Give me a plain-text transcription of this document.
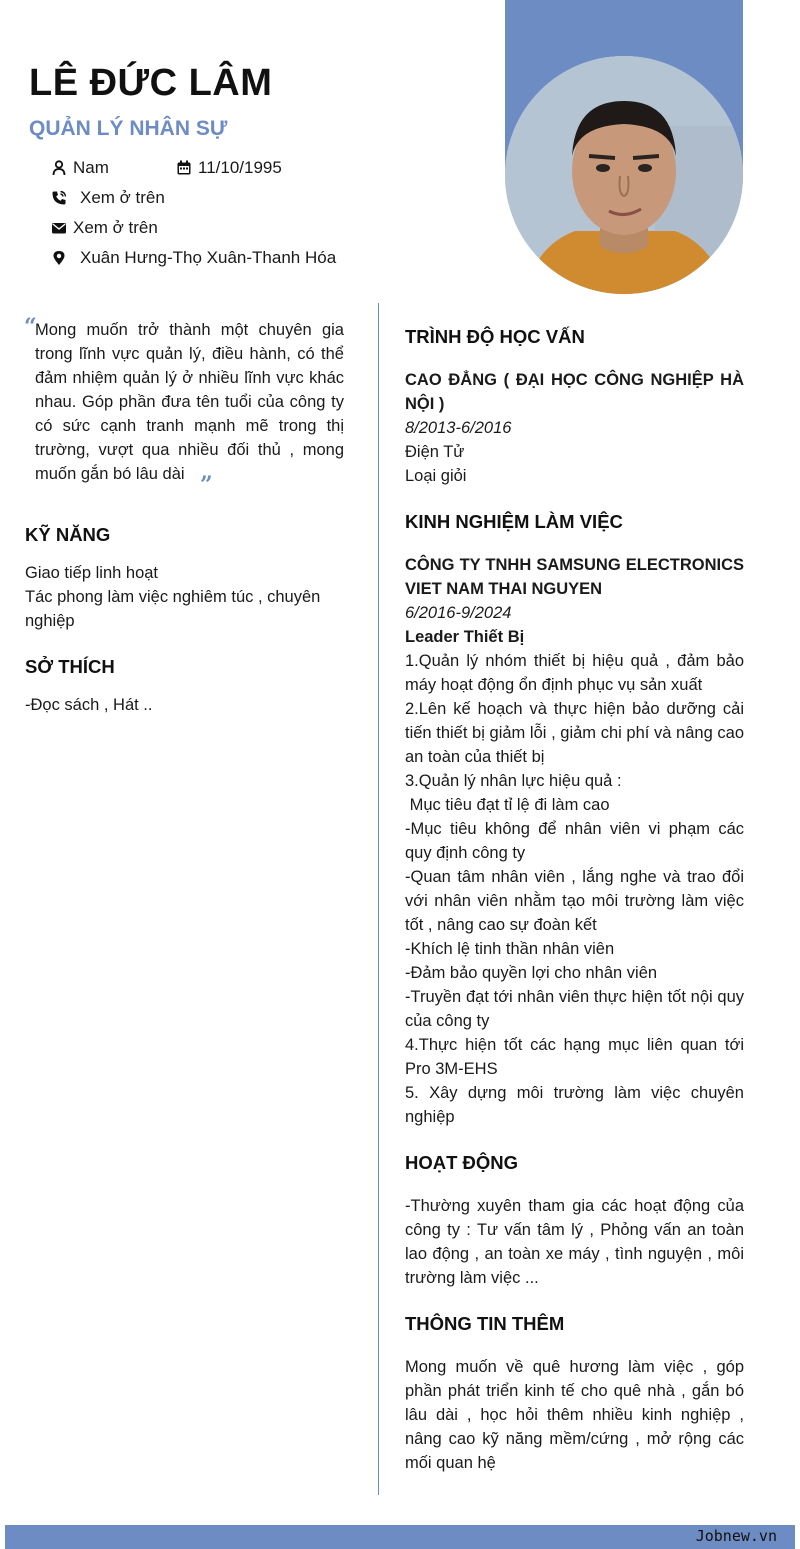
LÊ ĐỨC LÂM
QUẢN LÝ NHÂN SỰ
Nam	11/10/1995
Xem ở trên
Xem ở trên
Xuân Hưng-Thọ Xuân-Thanh Hóa
“

Mong muốn trở thành một chuyên gia trong lĩnh vực quản lý, điều hành, có thể đảm nhiệm quản lý ở nhiều lĩnh vực khác nhau. Góp phần đưa tên tuổi của công ty có sức cạnh tranh mạnh mẽ trong thị trường, vượt qua nhiều đối thủ , mong muốn gắn bó lâu dài ”
KỸ NĂNG
Giao tiếp linh hoạt
Tác phong làm việc nghiêm túc , chuyên nghiệp
SỞ THÍCH
-Đọc sách , Hát ..
TRÌNH ĐỘ HỌC VẤN
CAO ĐẲNG ( ĐẠI HỌC CÔNG NGHIỆP HÀ NỘI )
8/2013-6/2016
Điện Tử
Loại giỏi
KINH NGHIỆM LÀM VIỆC
CÔNG TY TNHH SAMSUNG ELECTRONICS VIET NAM THAI NGUYEN
6/2016-9/2024
Leader Thiết Bị
1.Quản lý nhóm thiết bị hiệu quả , đảm bảo máy hoạt động ổn định phục vụ sản xuất
2.Lên kế hoạch và thực hiện bảo dưỡng cải tiến thiết bị giảm lỗi , giảm chi phí và nâng cao an toàn của thiết bị
3.Quản lý nhân lực hiệu quả :
Mục tiêu đạt tỉ lệ đi làm cao
-Mục tiêu không để nhân viên vi phạm các quy định công ty
-Quan tâm nhân viên , lắng nghe và trao đổi với nhân viên nhằm tạo môi trường làm việc tốt , nâng cao sự đoàn kết
-Khích lệ tinh thần nhân viên
-Đảm bảo quyền lợi cho nhân viên
-Truyền đạt tới nhân viên thực hiện tốt nội quy của công ty
4.Thực hiện tốt các hạng mục liên quan tới Pro 3M-EHS
5. Xây dựng môi trường làm việc chuyên nghiệp
HOẠT ĐỘNG
-Thường xuyên tham gia các hoạt động của công ty : Tư vấn tâm lý , Phỏng vấn an toàn lao động , an toàn xe máy , tình nguyện , môi trường làm việc ...
THÔNG TIN THÊM
Mong muốn về quê hương làm việc , góp phần phát triển kinh tế cho quê nhà , gắn bó lâu dài , học hỏi thêm nhiều kinh nghiệp , nâng cao kỹ năng mềm/cứng , mở rộng các mối quan hệ
Jobnew.vn
